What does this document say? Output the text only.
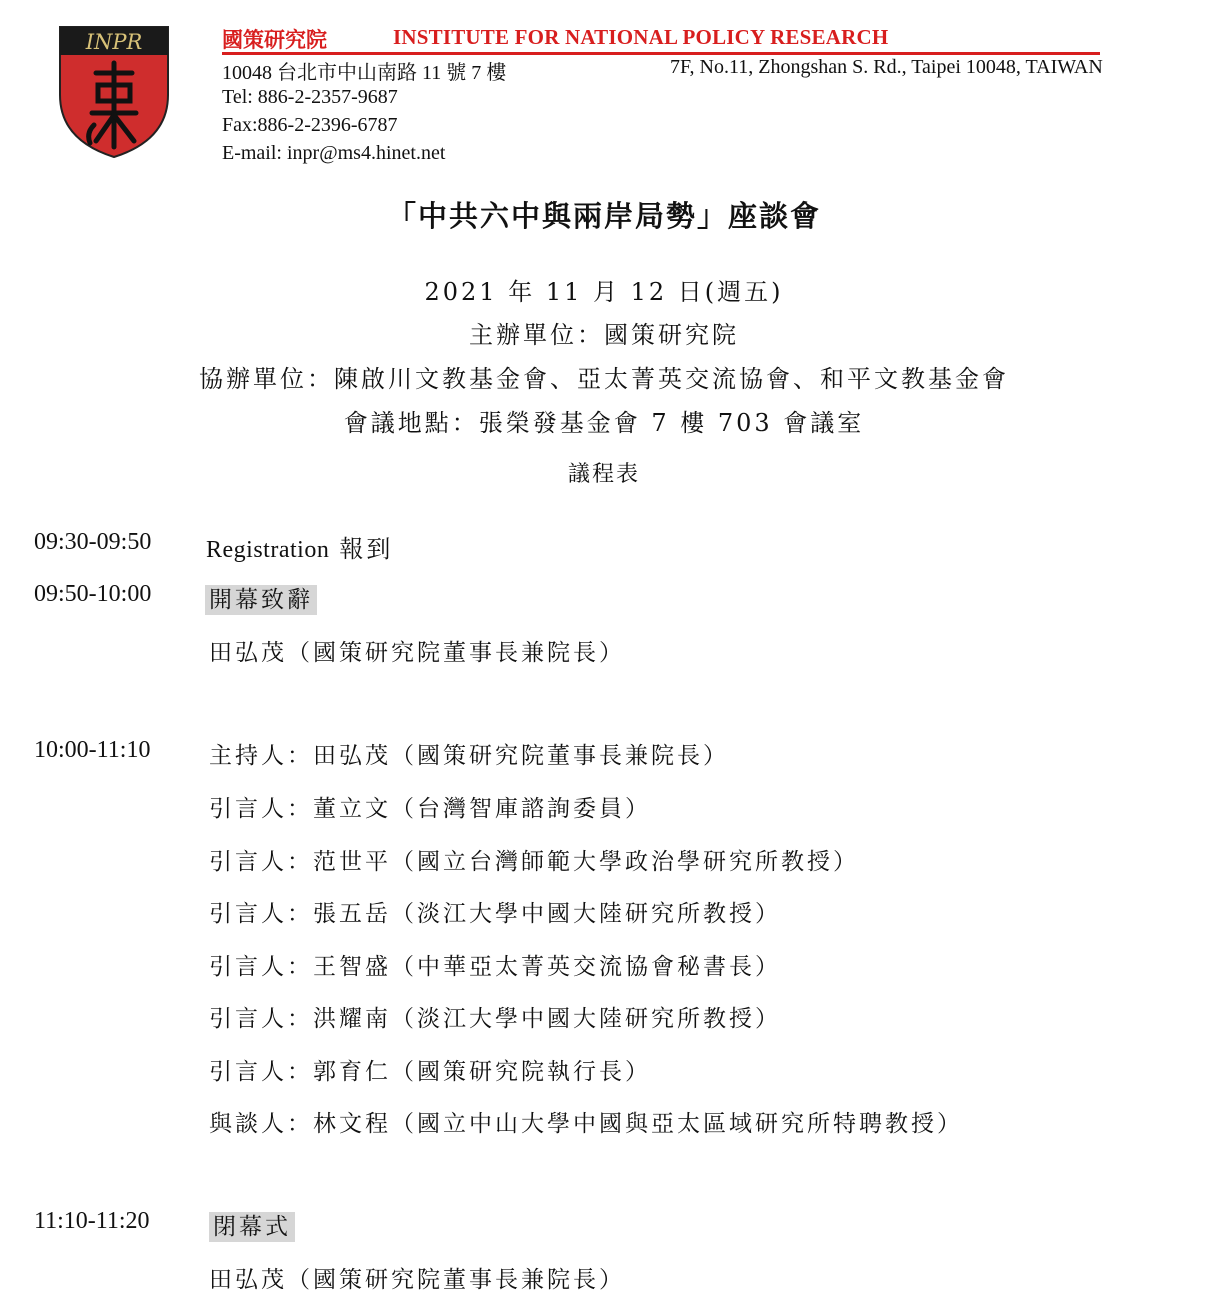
INPR	國策研究院	INSTITUTE FOR NATIONAL POLICY RESEARCH
10048 台北市中山南路 11 號 7 樓	7F, No.11, Zhongshan S. Rd., Taipei 10048, TAIWAN
Tel: 886-2-2357-9687
Fax:886-2-2396-6787
E-mail: inpr@ms4.hinet.net
「中共六中與兩岸局勢」座談會
2021 年 11 月 12 日(週五)
主辦單位：國策研究院
協辦單位：陳啟川文教基金會、亞太菁英交流協會、和平文教基金會
會議地點：張榮發基金會 7 樓 703 會議室
議程表
09:30-09:50 Registration 報到
09:50-10:00	開幕致辭
田弘茂（國策研究院董事長兼院長）
10:00-11:10	主持人：田弘茂（國策研究院董事長兼院長）
引言人：董立文（台灣智庫諮詢委員）
引言人：范世平（國立台灣師範大學政治學研究所教授）
引言人：張五岳（淡江大學中國大陸研究所教授）
引言人：王智盛（中華亞太菁英交流協會秘書長）
引言人：洪耀南（淡江大學中國大陸研究所教授）
引言人：郭育仁（國策研究院執行長）
與談人：林文程（國立中山大學中國與亞太區域研究所特聘教授）
11:10-11:20	閉幕式
田弘茂（國策研究院董事長兼院長）
